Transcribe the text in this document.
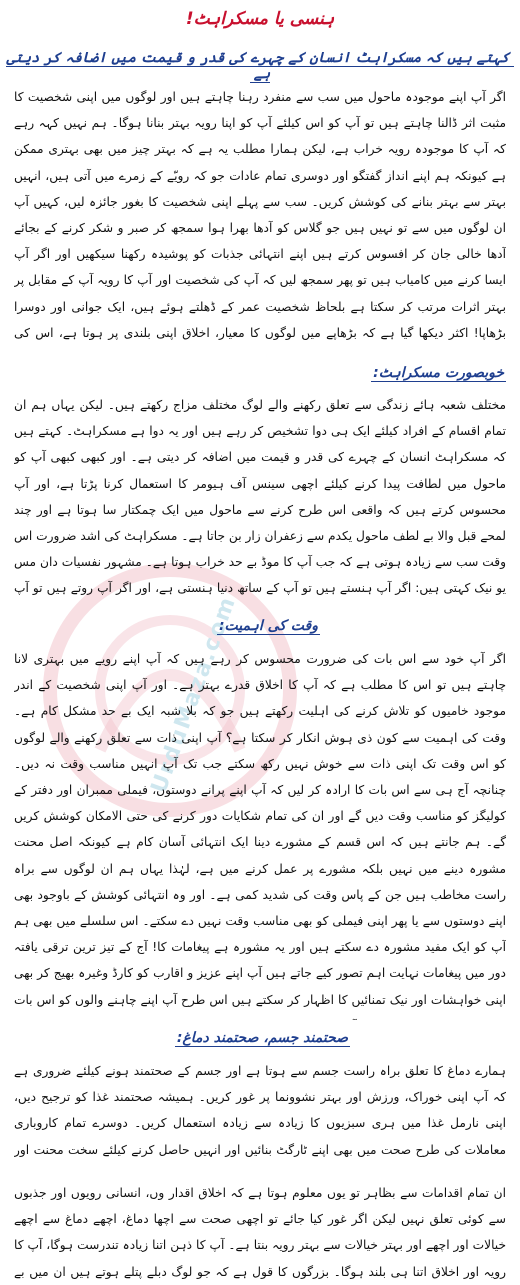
UrduMaza.com
ہنسی یا مسکراہٹ!
کہتے ہیں کہ مسکراہٹ انسان کے چہرے کی قدر و قیمت میں اضافہ کر دیتی ہے
اگر آپ اپنے موجودہ ماحول میں سب سے منفرد رہنا چاہتے ہیں اور لوگوں میں اپنی شخصیت کا مثبت اثر ڈالنا چاہتے ہیں تو آپ کو اس کیلئے آپ کو اپنا رویہ بہتر بنانا ہوگا۔ ہم نہیں کہہ رہے کہ آپ کا موجودہ رویہ خراب ہے، لیکن ہمارا مطلب یہ ہے کہ بہتر چیز میں بھی بہتری ممکن ہے کیونکہ ہم اپنے انداز گفتگو اور دوسری تمام عادات جو کہ رویّے کے زمرے میں آتی ہیں، انہیں بہتر سے بہتر بنانے کی کوشش کریں۔ سب سے پہلے اپنی شخصیت کا بغور جائزہ لیں، کہیں آپ ان لوگوں میں سے تو نہیں ہیں جو گلاس کو آدھا بھرا ہوا سمجھ کر صبر و شکر کرنے کے بجائے آدھا خالی جان کر افسوس کرتے ہیں اپنے انتہائی جذبات کو پوشیدہ رکھنا سیکھیں اور اگر آپ ایسا کرنے میں کامیاب ہیں تو پھر سمجھ لیں کہ آپ کی شخصیت اور آپ کا رویہ آپ کے مقابل پر بہتر اثرات مرتب کر سکتا ہے بلحاظ شخصیت عمر کے ڈھلتے ہوئے ہیں، ایک جوانی اور دوسرا بڑھاپا! اکثر دیکھا گیا ہے کہ بڑھاپے میں لوگوں کا معیار، اخلاق اپنی بلندی پر ہوتا ہے، اس کی
خوبصورت مسکراہٹ:
مختلف شعبہ ہائے زندگی سے تعلق رکھنے والے لوگ مختلف مزاج رکھتے ہیں۔ لیکن یہاں ہم ان تمام اقسام کے افراد کیلئے ایک ہی دوا تشخیص کر رہے ہیں اور یہ دوا ہے مسکراہٹ۔ کہتے ہیں کہ مسکراہٹ انسان کے چہرے کی قدر و قیمت میں اضافہ کر دیتی ہے۔ اور کبھی کبھی آپ کو ماحول میں لطافت پیدا کرنے کیلئے اچھی سینس آف ہیومر کا استعمال کرنا پڑتا ہے، اور آپ محسوس کرتے ہیں کہ واقعی اس طرح کرنے سے ماحول میں ایک چمکتار سا ہوتا ہے اور چند لمحے قبل والا بے لطف ماحول یکدم سے زعفران زار بن جاتا ہے۔ مسکراہٹ کی اشد ضرورت اس وقت سب سے زیادہ ہوتی ہے کہ جب آپ کا موڈ بے حد خراب ہوتا ہے۔ مشہور نفسیات دان مس یو نیک کہتی ہیں: اگر آپ ہنستے ہیں تو آپ کے ساتھ دنیا ہنستی ہے، اور اگر آپ روتے ہیں تو آپ
وقت کی اہمیت:
اگر آپ خود سے اس بات کی ضرورت محسوس کر رہے ہیں کہ آپ اپنے رویے میں بہتری لانا چاہتے ہیں تو اس کا مطلب ہے کہ آپ کا اخلاق قدرے بہتر ہے۔ اور آپ اپنی شخصیت کے اندر موجود خامیوں کو تلاش کرنے کی اہلیت رکھتے ہیں جو کہ بلا شبہ ایک بے حد مشکل کام ہے۔ وقت کی اہمیت سے کون ذی ہوش انکار کر سکتا ہے؟ آپ اپنی ذات سے تعلق رکھنے والے لوگوں کو اس وقت تک اپنی ذات سے خوش نہیں رکھ سکتے جب تک آپ انہیں مناسب وقت نہ دیں۔ چنانچہ آج ہی سے اس بات کا ارادہ کر لیں کہ آپ اپنے پرانے دوستوں، فیملی ممبران اور دفتر کے کولیگز کو مناسب وقت دیں گے اور ان کی تمام شکایات دور کرنے کی حتی الامکان کوشش کریں گے۔ ہم جانتے ہیں کہ اس قسم کے مشورے دینا ایک انتہائی آسان کام ہے کیونکہ اصل محنت مشورہ دینے میں نہیں بلکہ مشورے پر عمل کرنے میں ہے، لہٰذا یہاں ہم ان لوگوں سے براہ راست مخاطب ہیں جن کے پاس وقت کی شدید کمی ہے۔ اور وہ انتہائی کوشش کے باوجود بھی اپنے دوستوں سے یا پھر اپنی فیملی کو بھی مناسب وقت نہیں دے سکتے۔ اس سلسلے میں بھی ہم آپ کو ایک مفید مشورہ دے سکتے ہیں اور یہ مشورہ ہے پیغامات کا! آج کے تیز ترین ترقی یافتہ دور میں پیغامات نہایت اہم تصور کیے جاتے ہیں آپ اپنے عزیز و اقارب کو کارڈ وغیرہ بھیج کر بھی اپنی خواہشات اور نیک تمنائیں کا اظہار کر سکتے ہیں اس طرح آپ اپنے چاہنے والوں کو اس بات
صحتمند جسم، صحتمند دماغ:
ہمارے دماغ کا تعلق براہ راست جسم سے ہوتا ہے اور جسم کے صحتمند ہونے کیلئے ضروری ہے کہ آپ اپنی خوراک، ورزش اور بہتر نشوونما پر غور کریں۔ ہمیشہ صحتمند غذا کو ترجیح دیں، اپنی نارمل غذا میں ہری سبزیوں کا زیادہ سے زیادہ استعمال کریں۔ دوسرے تمام کاروباری معاملات کی طرح صحت میں بھی اپنے ٹارگٹ بنائیں اور انہیں حاصل کرنے کیلئے سخت محنت اور
ان تمام اقدامات سے بظاہر تو یوں معلوم ہوتا ہے کہ اخلاق اقدار وں، انسانی رویوں اور جذبوں سے کوئی تعلق نہیں لیکن اگر غور کیا جائے تو اچھی صحت سے اچھا دماغ، اچھے دماغ سے اچھے خیالات اور اچھے اور بہتر خیالات سے بہتر رویہ بنتا ہے۔ آپ کا ذہن اتنا زیادہ تندرست ہوگا، آپ کا رویہ اور اخلاق اتنا ہی بلند ہوگا۔ بزرگوں کا قول ہے کہ جو لوگ دبلے پتلے ہوتے ہیں ان میں بے
